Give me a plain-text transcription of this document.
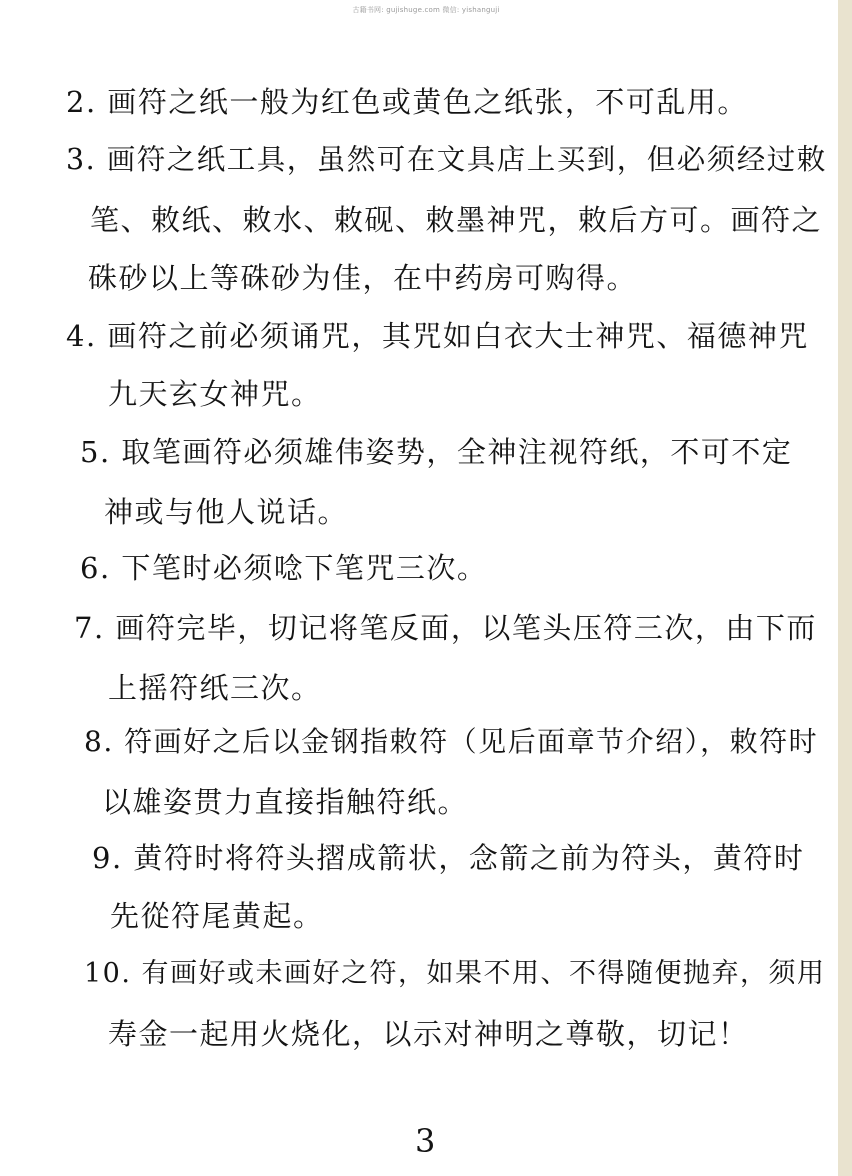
古籍书网: gujishuge.com 微信: yishanguji
2. 画符之纸一般为红色或黄色之纸张，不可乱用。
3. 画符之纸工具，虽然可在文具店上买到，但必须经过敕
笔、敕纸、敕水、敕砚、敕墨神咒，敕后方可。画符之
硃砂以上等硃砂为佳，在中药房可购得。
4. 画符之前必须诵咒，其咒如白衣大士神咒、福德神咒
九天玄女神咒。
5. 取笔画符必须雄伟姿势，全神注视符纸，不可不定
神或与他人说话。
6. 下笔时必须唸下笔咒三次。
7. 画符完毕，切记将笔反面，以笔头压符三次，由下而
上摇符纸三次。
8. 符画好之后以金钢指敕符（见后面章节介绍），敕符时
以雄姿贯力直接指触符纸。
9. 黄符时将符头摺成箭状，念箭之前为符头，黄符时
先從符尾黄起。
10. 有画好或未画好之符，如果不用、不得随便抛弃，须用
寿金一起用火烧化，以示对神明之尊敬，切记！
3
